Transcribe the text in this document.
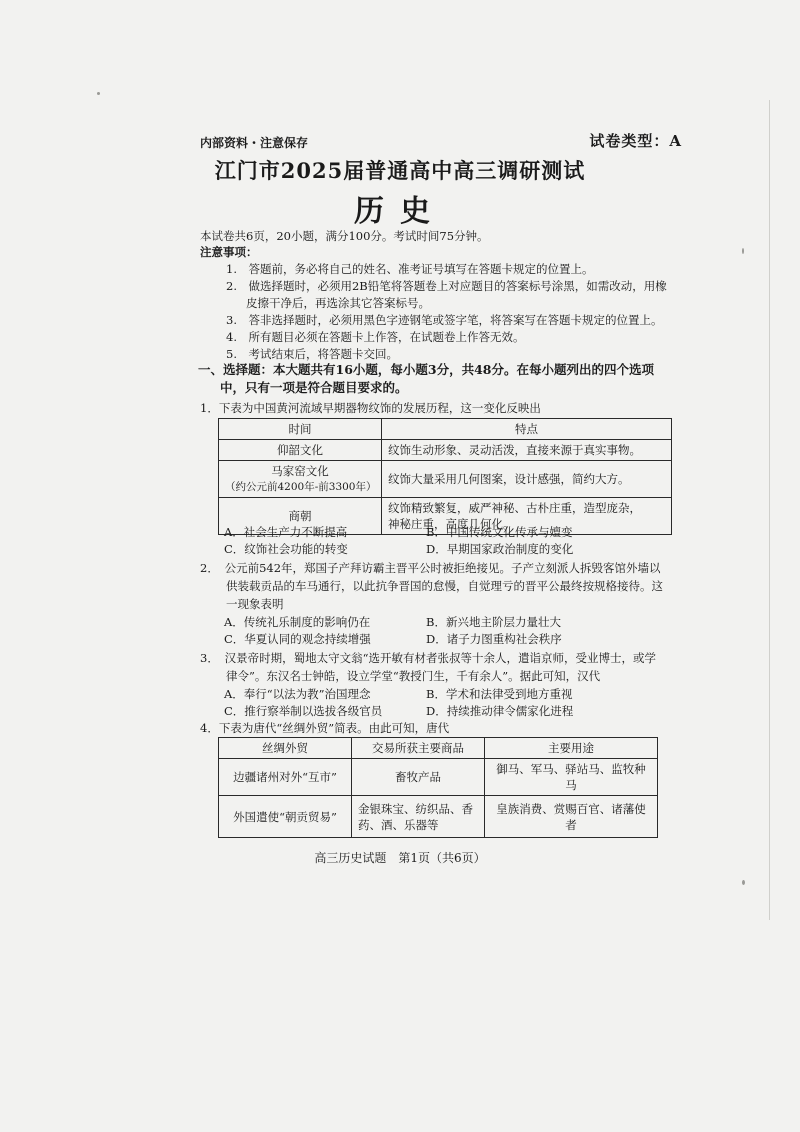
内部资料・注意保存	试卷类型：A
江门市2025届普通高中高三调研测试
历史
本试卷共6页，20小题，满分100分。考试时间75分钟。
注意事项：
1.　答题前，务必将自己的姓名、准考证号填写在答题卡规定的位置上。
2.　做选择题时，必须用2B铅笔将答题卷上对应题目的答案标号涂黑，如需改动，用橡
皮擦干净后，再选涂其它答案标号。
3.　答非选择题时，必须用黑色字迹钢笔或签字笔，将答案写在答题卡规定的位置上。
4.　所有题目必须在答题卡上作答，在试题卷上作答无效。
5.　考试结束后，将答题卡交回。
一、选择题：本大题共有16小题，每小题3分，共48分。在每小题列出的四个选项
中，只有一项是符合题目要求的。
1．下表为中国黄河流域早期器物纹饰的发展历程，这一变化反映出
时间	特点
仰韶文化	纹饰生动形象、灵动活泼，直接来源于真实事物。

马家窑文化
（约公元前4200年-前3300年）	纹饰大量采用几何图案，设计感强，简约大方。
商朝	纹饰精致繁复，威严神秘、古朴庄重，造型庞杂，
神秘庄重，高度几何化。
A．社会生产力不断提高	B．中国传统文化传承与嬗变
C．纹饰社会功能的转变	D．早期国家政治制度的变化
2．　公元前542年，郑国子产拜访霸主晋平公时被拒绝接见。子产立刻派人拆毁客馆外墙以
供装载贡品的车马通行，以此抗争晋国的怠慢，自觉理亏的晋平公最终按规格接待。这
一现象表明
A．传统礼乐制度的影响仍在	B．新兴地主阶层力量壮大
C．华夏认同的观念持续增强	D．诸子力图重构社会秩序
3．　汉景帝时期，蜀地太守文翁“选开敏有材者张叔等十余人，遣诣京师，受业博士，或学
律令”。东汉名士钟皓，设立学堂“教授门生，千有余人”。据此可知，汉代
A．奉行“以法为教”治国理念	B．学术和法律受到地方重视
C．推行察举制以选拔各级官员	D．持续推动律令儒家化进程
4．下表为唐代“丝绸外贸”简表。由此可知，唐代
丝绸外贸	交易所获主要商品	主要用途
边疆诸州对外“互市”	畜牧产品	御马、军马、驿站马、监牧种马
外国遣使“朝贡贸易”	金银珠宝、纺织品、香
药、酒、乐器等	皇族消费、赏赐百官、诸藩使者
高三历史试题　第1页（共6页）
